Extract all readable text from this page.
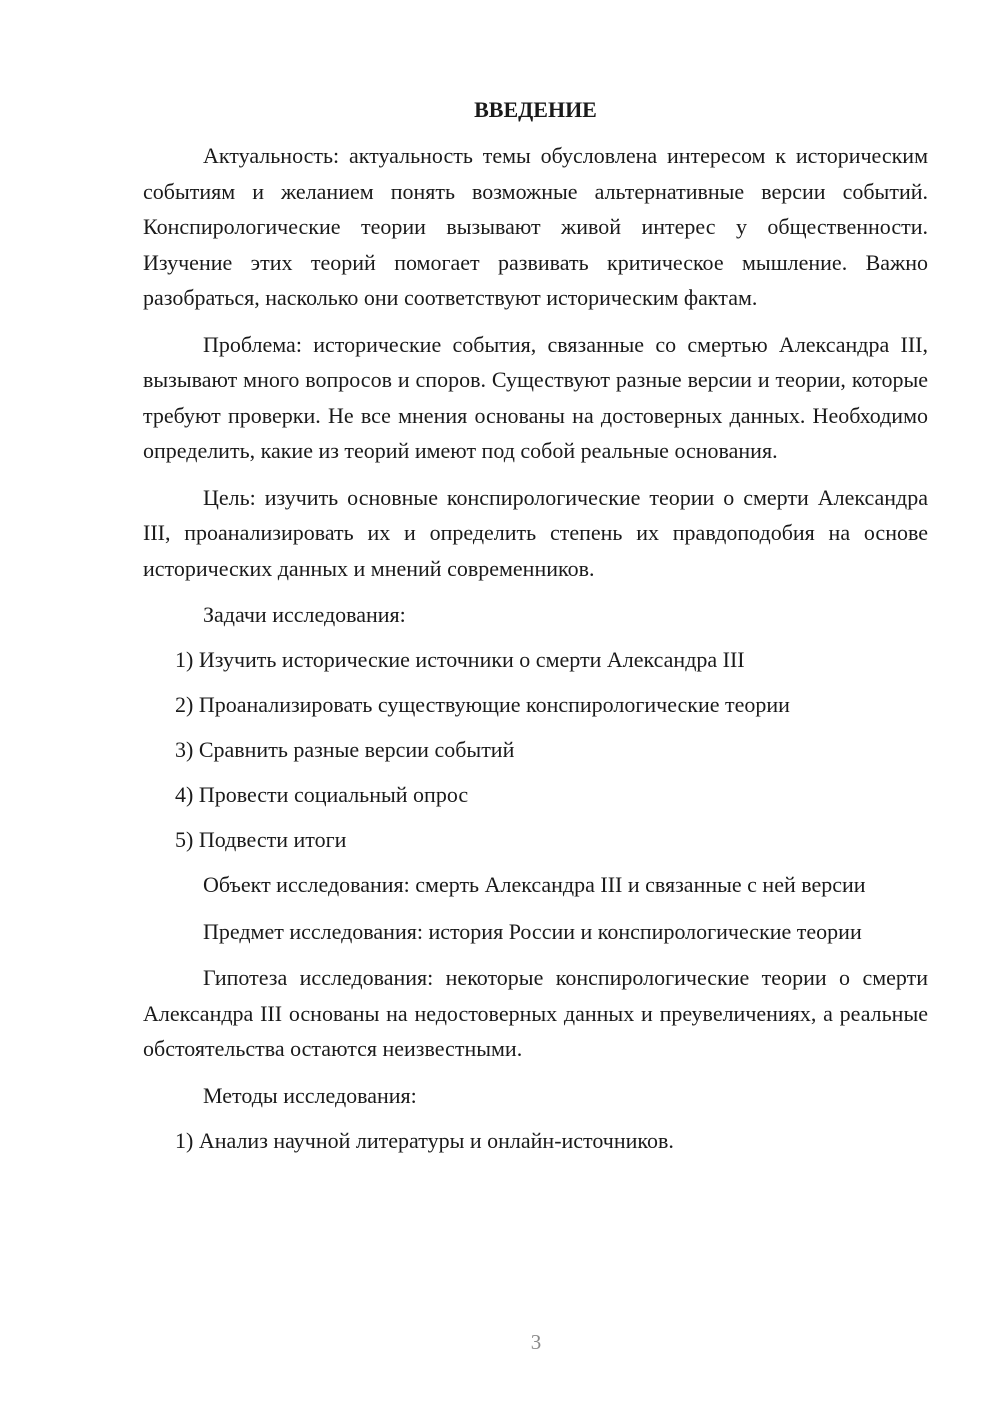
ВВЕДЕНИЕ

Актуальность: актуальность темы обусловлена интересом к историческим событиям и желанием понять возможные альтернативные версии событий. Конспирологические теории вызывают живой интерес у общественности. Изучение этих теорий помогает развивать критическое мышление. Важно разобраться, насколько они соответствуют историческим фактам.

Проблема: исторические события, связанные со смертью Александра III, вызывают много вопросов и споров. Существуют разные версии и теории, которые требуют проверки. Не все мнения основаны на достоверных данных. Необходимо определить, какие из теорий имеют под собой реальные основания.

Цель: изучить основные конспирологические теории о смерти Александра III, проанализировать их и определить степень их правдоподобия на основе исторических данных и мнений современников.

Задачи исследования:

1) Изучить исторические источники о смерти Александра III
2) Проанализировать существующие конспирологические теории
3) Сравнить разные версии событий
4) Провести социальный опрос
5) Подвести итоги

Объект исследования: смерть Александра III и связанные с ней версии

Предмет исследования: история России и конспирологические теории

Гипотеза исследования: некоторые конспирологические теории о смерти Александра III основаны на недостоверных данных и преувеличениях, а реальные обстоятельства остаются неизвестными.

Методы исследования:

1) Анализ научной литературы и онлайн-источников.
3
